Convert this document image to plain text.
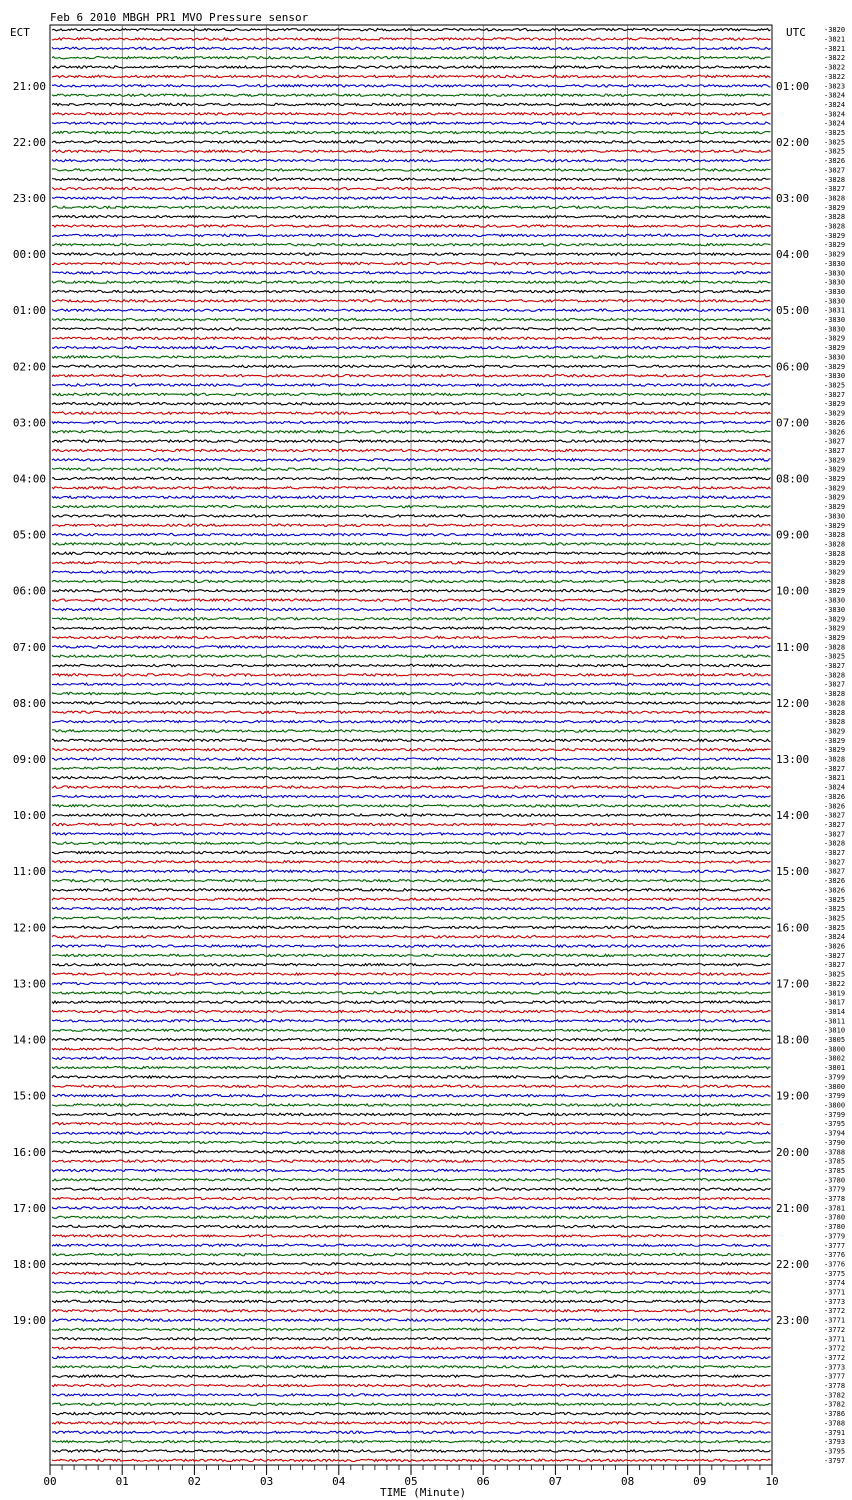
Feb 6 2010 MBGH PR1 MVO Pressure sensor
ECT	UTC
TIME (Minute)
21:00
22:00
23:00
00:00
01:00
02:00
03:00
04:00
05:00
06:00
07:00
08:00
09:00
10:00
11:00
12:00
13:00
14:00
15:00
16:00
17:00
18:00
19:00
01:00
02:00
03:00
04:00
05:00
06:00
07:00
08:00
09:00
10:00
11:00
12:00
13:00
14:00
15:00
16:00
17:00
18:00
19:00
20:00
21:00
22:00
23:00
-3820
-3821
-3821
-3822
-3822
-3822
-3823
-3824
-3824
-3824
-3824
-3825
-3825
-3825
-3826
-3827
-3828
-3827
-3828
-3829
-3828
-3828
-3829
-3829
-3829
-3830
-3830
-3830
-3830
-3830
-3831
-3830
-3830
-3829
-3829
-3830
-3829
-3830
-3825
-3827
-3829
-3829
-3826
-3826
-3827
-3827
-3829
-3829
-3829
-3829
-3829
-3829
-3830
-3829
-3828
-3828
-3828
-3829
-3829
-3828
-3829
-3830
-3830
-3829
-3829
-3829
-3828
-3825
-3827
-3828
-3827
-3828
-3828
-3828
-3828
-3829
-3829
-3829
-3828
-3827
-3821
-3824
-3826
-3826
-3827
-3827
-3827
-3828
-3827
-3827
-3827
-3826
-3826
-3825
-3825
-3825
-3825
-3824
-3826
-3827
-3827
-3825
-3822
-3819
-3817
-3814
-3811
-3810
-3805
-3800
-3802
-3801
-3799
-3800
-3799
-3800
-3799
-3795
-3794
-3790
-3788
-3785
-3785
-3780
-3779
-3778
-3781
-3780
-3780
-3779
-3777
-3776
-3776
-3775
-3774
-3771
-3773
-3772
-3771
-3772
-3771
-3772
-3772
-3773
-3777
-3778
-3782
-3782
-3786
-3788
-3791
-3793
-3795
-3797
00	01	02	03	04	05	06	07	08	09	10
